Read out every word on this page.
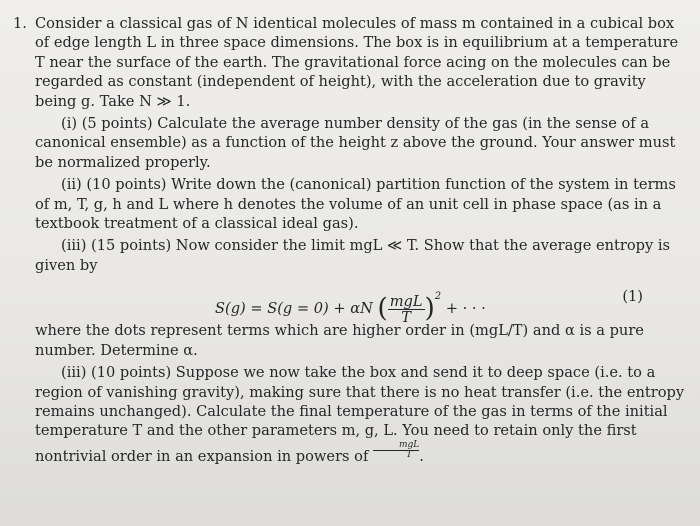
1. Consider a classical gas of N identical molecules of mass m contained in a cubical box of edge length L in three space dimensions. The box is in equilibrium at a temperature T near the surface of the earth. The gravitational force acing on the molecules can be regarded as constant (independent of height), with the acceleration due to gravity being g. Take N ≫ 1.

(i) (5 points) Calculate the average number density of the gas (in the sense of a canonical ensemble) as a function of the height z above the ground. Your answer must be normalized properly.

(ii) (10 points) Write down the (canonical) partition function of the system in terms of m, T, g, h and L where h denotes the volume of an unit cell in phase space (as in a textbook treatment of a classical ideal gas).

(iii) (15 points) Now consider the limit mgL ≪ T. Show that the average entropy is given by

S(g) = S(g = 0) + αN ( $\frac{\text{mgL}}{T} )^2$ + · · ·
(1)

where the dots represent terms which are higher order in (mgL/T) and α is a pure number. Determine α.

(iii) (10 points) Suppose we now take the box and send it to deep space (i.e. to a region of vanishing gravity), making sure that there is no heat transfer (i.e. the entropy remains unchanged). Calculate the final temperature of the gas in terms of the initial temperature T and the other parameters m, g, L. You need to retain only the first nontrivial order in an expansion in powers of $\frac{\text{mgL}}{T}$ .
